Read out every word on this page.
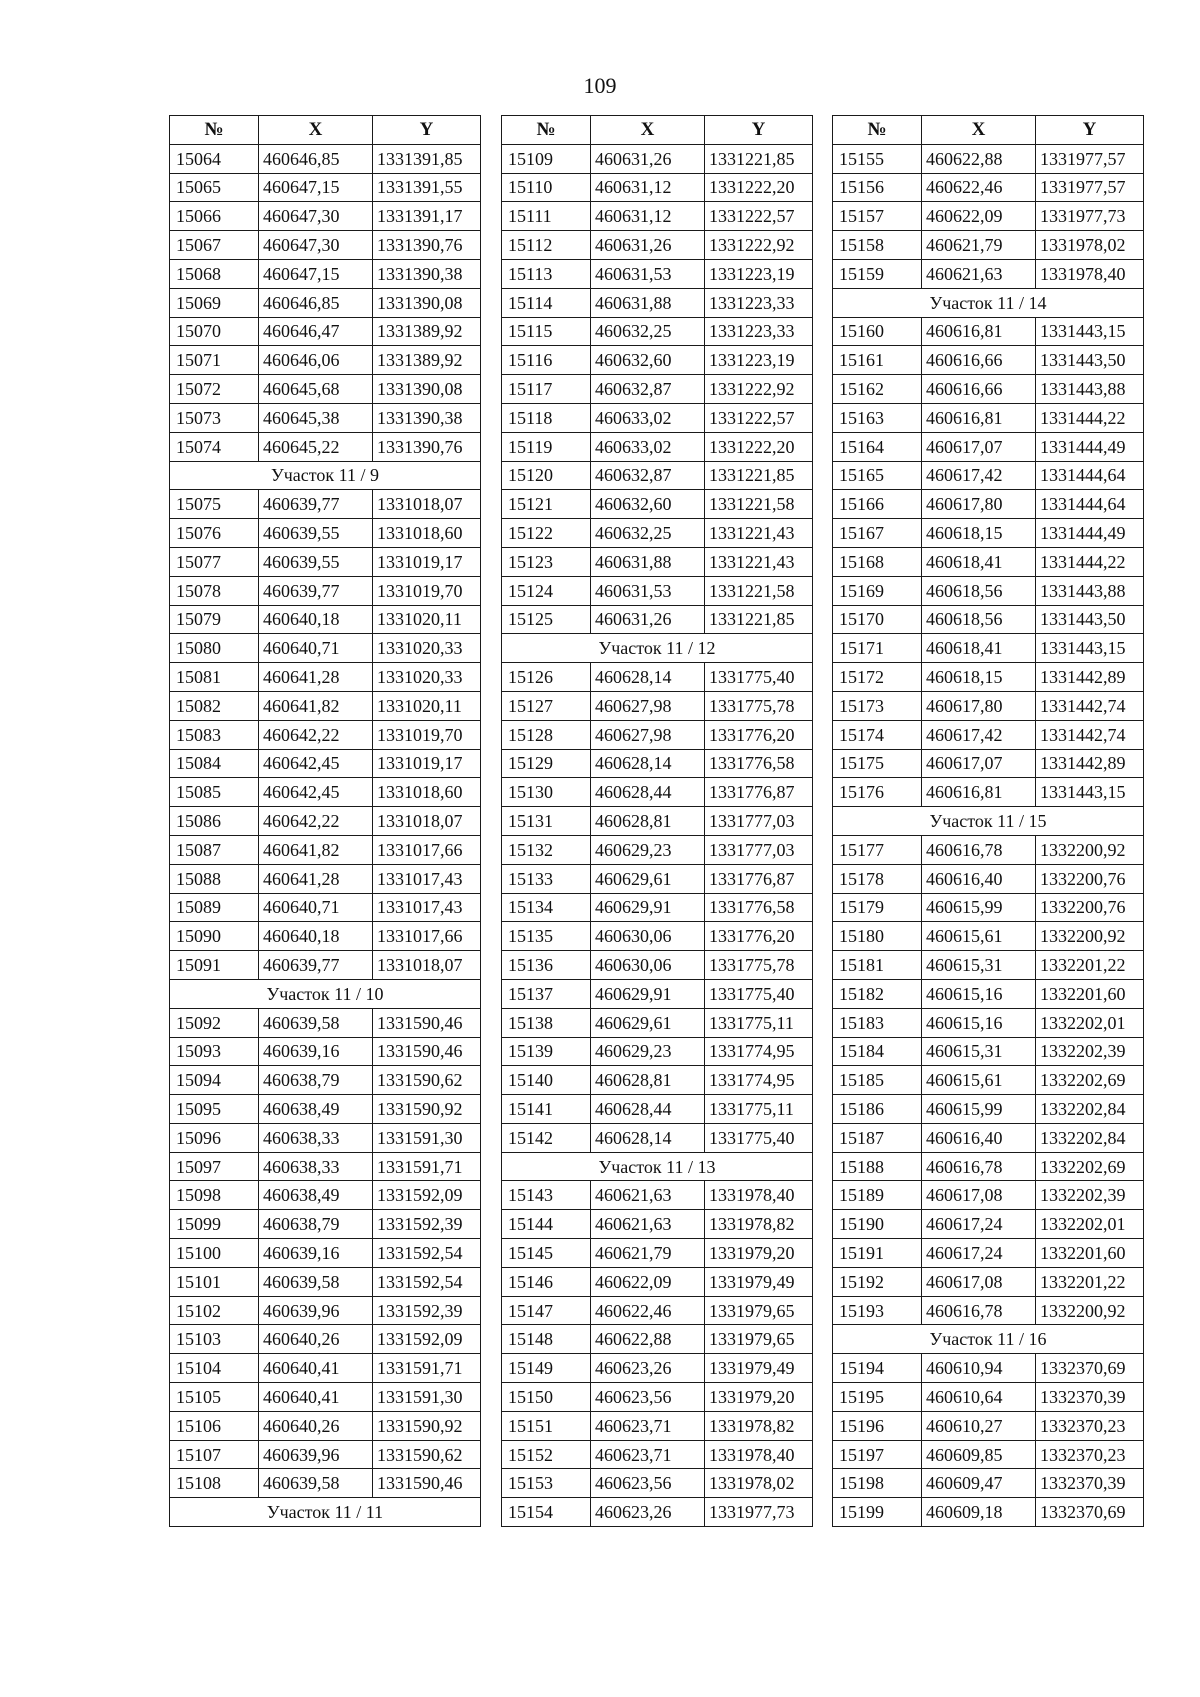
109
№	X	Y
15064	460646,85	1331391,85
15065	460647,15	1331391,55
15066	460647,30	1331391,17
15067	460647,30	1331390,76
15068	460647,15	1331390,38
15069	460646,85	1331390,08
15070	460646,47	1331389,92
15071	460646,06	1331389,92
15072	460645,68	1331390,08
15073	460645,38	1331390,38
15074	460645,22	1331390,76
Участок 11 / 9		
15075	460639,77	1331018,07
15076	460639,55	1331018,60
15077	460639,55	1331019,17
15078	460639,77	1331019,70
15079	460640,18	1331020,11
15080	460640,71	1331020,33
15081	460641,28	1331020,33
15082	460641,82	1331020,11
15083	460642,22	1331019,70
15084	460642,45	1331019,17
15085	460642,45	1331018,60
15086	460642,22	1331018,07
15087	460641,82	1331017,66
15088	460641,28	1331017,43
15089	460640,71	1331017,43
15090	460640,18	1331017,66
15091	460639,77	1331018,07
Участок 11 / 10		
15092	460639,58	1331590,46
15093	460639,16	1331590,46
15094	460638,79	1331590,62
15095	460638,49	1331590,92
15096	460638,33	1331591,30
15097	460638,33	1331591,71
15098	460638,49	1331592,09
15099	460638,79	1331592,39
15100	460639,16	1331592,54
15101	460639,58	1331592,54
15102	460639,96	1331592,39
15103	460640,26	1331592,09
15104	460640,41	1331591,71
15105	460640,41	1331591,30
15106	460640,26	1331590,92
15107	460639,96	1331590,62
15108	460639,58	1331590,46
Участок 11 / 11		
№	X	Y
15109	460631,26	1331221,85
15110	460631,12	1331222,20
15111	460631,12	1331222,57
15112	460631,26	1331222,92
15113	460631,53	1331223,19
15114	460631,88	1331223,33
15115	460632,25	1331223,33
15116	460632,60	1331223,19
15117	460632,87	1331222,92
15118	460633,02	1331222,57
15119	460633,02	1331222,20
15120	460632,87	1331221,85
15121	460632,60	1331221,58
15122	460632,25	1331221,43
15123	460631,88	1331221,43
15124	460631,53	1331221,58
15125	460631,26	1331221,85
Участок 11 / 12		
15126	460628,14	1331775,40
15127	460627,98	1331775,78
15128	460627,98	1331776,20
15129	460628,14	1331776,58
15130	460628,44	1331776,87
15131	460628,81	1331777,03
15132	460629,23	1331777,03
15133	460629,61	1331776,87
15134	460629,91	1331776,58
15135	460630,06	1331776,20
15136	460630,06	1331775,78
15137	460629,91	1331775,40
15138	460629,61	1331775,11
15139	460629,23	1331774,95
15140	460628,81	1331774,95
15141	460628,44	1331775,11
15142	460628,14	1331775,40
Участок 11 / 13		
15143	460621,63	1331978,40
15144	460621,63	1331978,82
15145	460621,79	1331979,20
15146	460622,09	1331979,49
15147	460622,46	1331979,65
15148	460622,88	1331979,65
15149	460623,26	1331979,49
15150	460623,56	1331979,20
15151	460623,71	1331978,82
15152	460623,71	1331978,40
15153	460623,56	1331978,02
15154	460623,26	1331977,73
№	X	Y
15155	460622,88	1331977,57
15156	460622,46	1331977,57
15157	460622,09	1331977,73
15158	460621,79	1331978,02
15159	460621,63	1331978,40
Участок 11 / 14		
15160	460616,81	1331443,15
15161	460616,66	1331443,50
15162	460616,66	1331443,88
15163	460616,81	1331444,22
15164	460617,07	1331444,49
15165	460617,42	1331444,64
15166	460617,80	1331444,64
15167	460618,15	1331444,49
15168	460618,41	1331444,22
15169	460618,56	1331443,88
15170	460618,56	1331443,50
15171	460618,41	1331443,15
15172	460618,15	1331442,89
15173	460617,80	1331442,74
15174	460617,42	1331442,74
15175	460617,07	1331442,89
15176	460616,81	1331443,15
Участок 11 / 15		
15177	460616,78	1332200,92
15178	460616,40	1332200,76
15179	460615,99	1332200,76
15180	460615,61	1332200,92
15181	460615,31	1332201,22
15182	460615,16	1332201,60
15183	460615,16	1332202,01
15184	460615,31	1332202,39
15185	460615,61	1332202,69
15186	460615,99	1332202,84
15187	460616,40	1332202,84
15188	460616,78	1332202,69
15189	460617,08	1332202,39
15190	460617,24	1332202,01
15191	460617,24	1332201,60
15192	460617,08	1332201,22
15193	460616,78	1332200,92
Участок 11 / 16		
15194	460610,94	1332370,69
15195	460610,64	1332370,39
15196	460610,27	1332370,23
15197	460609,85	1332370,23
15198	460609,47	1332370,39
15199	460609,18	1332370,69
